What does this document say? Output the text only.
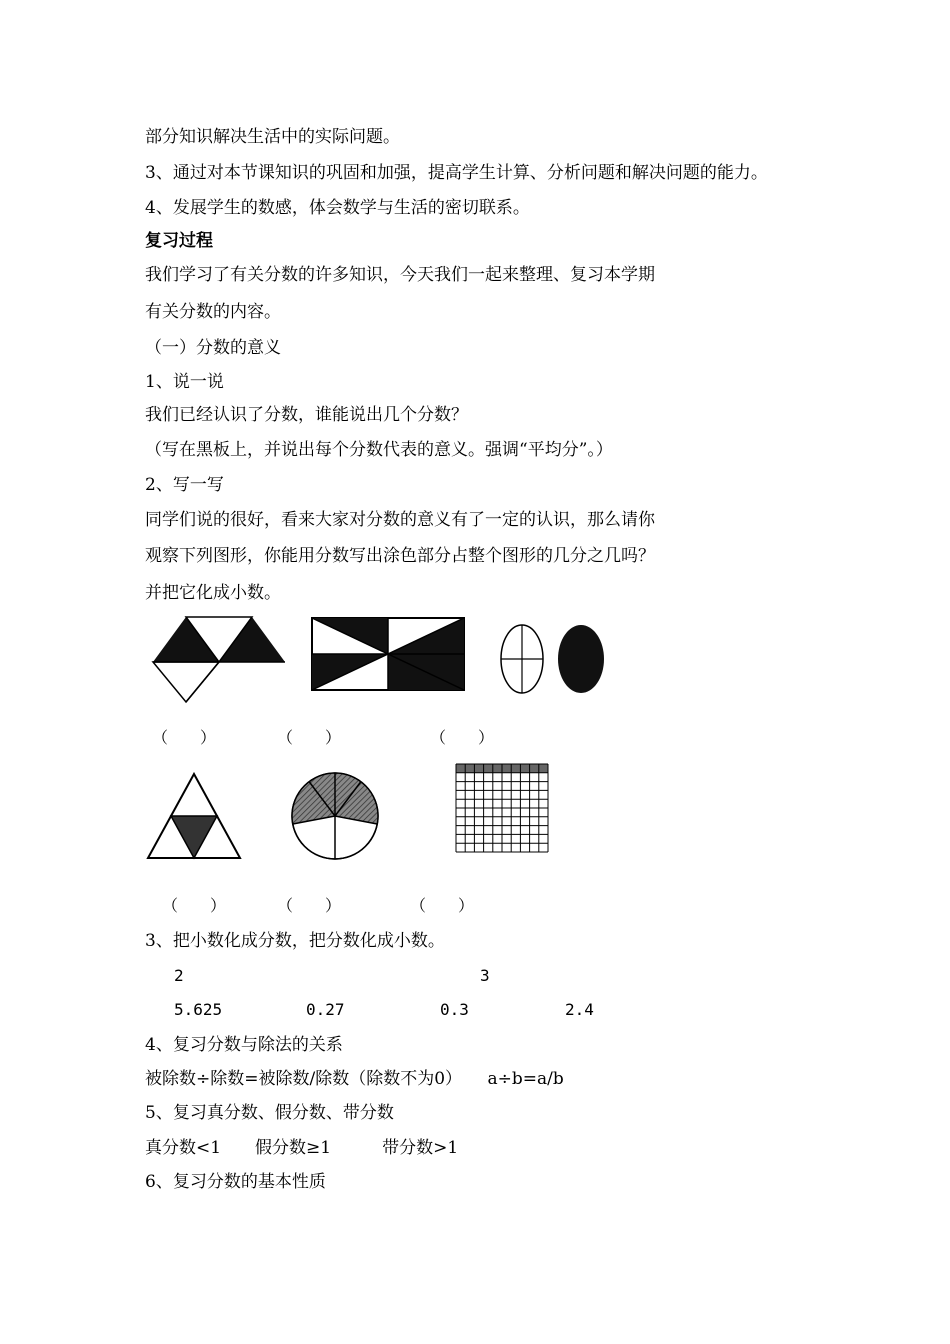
部分知识解决生活中的实际问题。
3、通过对本节课知识的巩固和加强，提高学生计算、分析问题和解决问题的能力。
4、发展学生的数感，体会数学与生活的密切联系。
复习过程
我们学习了有关分数的许多知识，今天我们一起来整理、复习本学期
有关分数的内容。
（一）分数的意义
1、说一说
我们已经认识了分数，谁能说出几个分数？
（写在黑板上，并说出每个分数代表的意义。强调“平均分”。）
2、写一写
同学们说的很好，看来大家对分数的意义有了一定的认识，那么请你
观察下列图形，你能用分数写出涂色部分占整个图形的几分之几吗？
并把它化成小数。
（　　）	（　　）	（　　）
（　　）	（　　）	（　　）
3、把小数化成分数，把分数化成小数。
2	3
5.625	0.27	0.3	2.4
4、复习分数与除法的关系
被除数÷除数=被除数/除数（除数不为0）　　a÷b=a/b
5、复习真分数、假分数、带分数
真分数<1　　假分数≥1　　　带分数>1
6、复习分数的基本性质
